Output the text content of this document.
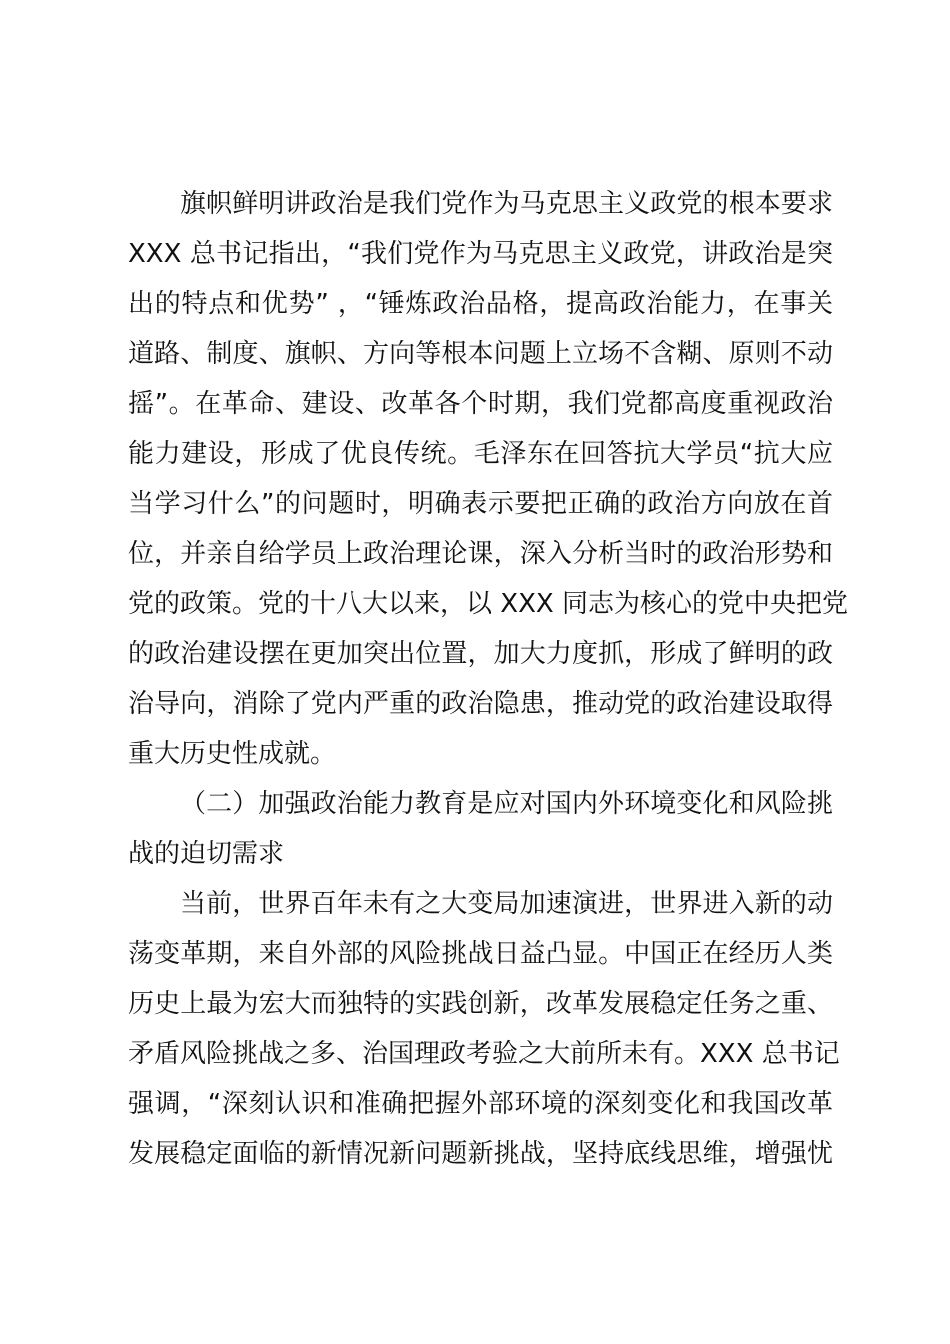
旗帜鲜明讲政治是我们党作为马克思主义政党的根本要求
XXX 总书记指出，“我们党作为马克思主义政党，讲政治是突
出的特点和优势” ，“锤炼政治品格，提高政治能力，在事关
道路、制度、旗帜、方向等根本问题上立场不含糊、原则不动
摇”。在革命、建设、改革各个时期，我们党都高度重视政治
能力建设，形成了优良传统。毛泽东在回答抗大学员“抗大应
当学习什么”的问题时，明确表示要把正确的政治方向放在首
位，并亲自给学员上政治理论课，深入分析当时的政治形势和
党的政策。党的十八大以来，以 XXX 同志为核心的党中央把党
的政治建设摆在更加突出位置，加大力度抓，形成了鲜明的政
治导向，消除了党内严重的政治隐患，推动党的政治建设取得
重大历史性成就。
（二）加强政治能力教育是应对国内外环境变化和风险挑
战的迫切需求
当前，世界百年未有之大变局加速演进，世界进入新的动
荡变革期，来自外部的风险挑战日益凸显。中国正在经历人类
历史上最为宏大而独特的实践创新，改革发展稳定任务之重、
矛盾风险挑战之多、治国理政考验之大前所未有。XXX 总书记
强调，“深刻认识和准确把握外部环境的深刻变化和我国改革
发展稳定面临的新情况新问题新挑战，坚持底线思维，增强忧
